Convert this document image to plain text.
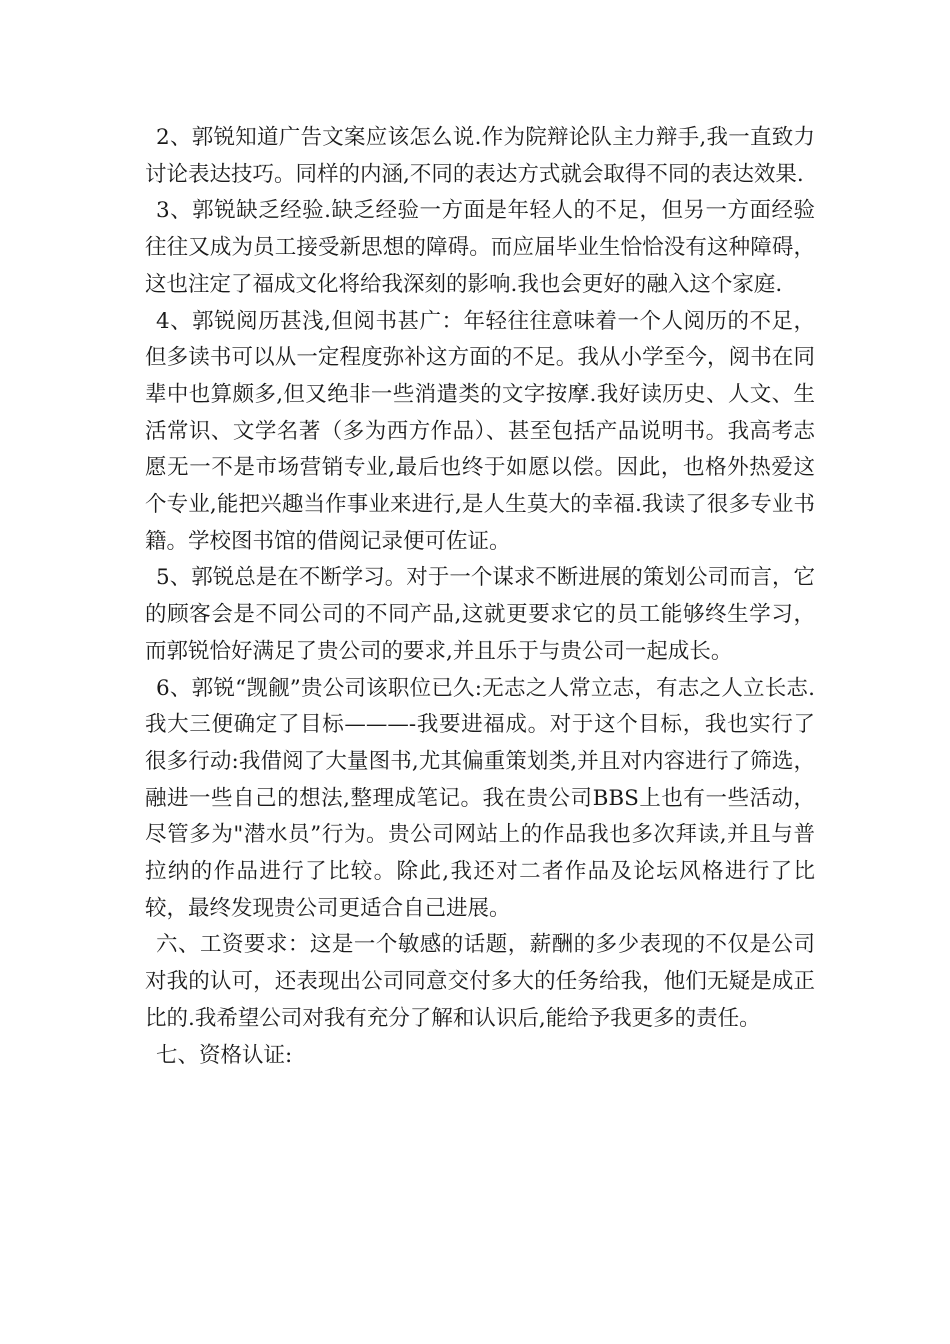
2、郭锐知道广告文案应该怎么说.作为院辩论队主力辩手,我一直致力讨论表达技巧。同样的内涵,不同的表达方式就会取得不同的表达效果.

3、郭锐缺乏经验.缺乏经验一方面是年轻人的不足，但另一方面经验往往又成为员工接受新思想的障碍。而应届毕业生恰恰没有这种障碍，这也注定了福成文化将给我深刻的影响.我也会更好的融入这个家庭.

4、郭锐阅历甚浅,但阅书甚广：年轻往往意味着一个人阅历的不足，但多读书可以从一定程度弥补这方面的不足。我从小学至今，阅书在同辈中也算颇多,但又绝非一些消遣类的文字按摩.我好读历史、人文、生活常识、文学名著（多为西方作品）、甚至包括产品说明书。我高考志愿无一不是市场营销专业,最后也终于如愿以偿。因此，也格外热爱这个专业,能把兴趣当作事业来进行,是人生莫大的幸福.我读了很多专业书籍。学校图书馆的借阅记录便可佐证。

5、郭锐总是在不断学习。对于一个谋求不断进展的策划公司而言，它的顾客会是不同公司的不同产品,这就更要求它的员工能够终生学习，而郭锐恰好满足了贵公司的要求,并且乐于与贵公司一起成长。

6、郭锐“觊觎”贵公司该职位已久:无志之人常立志，有志之人立长志.我大三便确定了目标———-我要进福成。对于这个目标，我也实行了很多行动:我借阅了大量图书,尤其偏重策划类,并且对内容进行了筛选，融进一些自己的想法,整理成笔记。我在贵公司BBS上也有一些活动，尽管多为"潜水员”行为。贵公司网站上的作品我也多次拜读,并且与普拉纳的作品进行了比较。除此,我还对二者作品及论坛风格进行了比较，最终发现贵公司更适合自己进展。

六、工资要求：这是一个敏感的话题，薪酬的多少表现的不仅是公司对我的认可，还表现出公司同意交付多大的任务给我，他们无疑是成正比的.我希望公司对我有充分了解和认识后,能给予我更多的责任。

七、资格认证:
